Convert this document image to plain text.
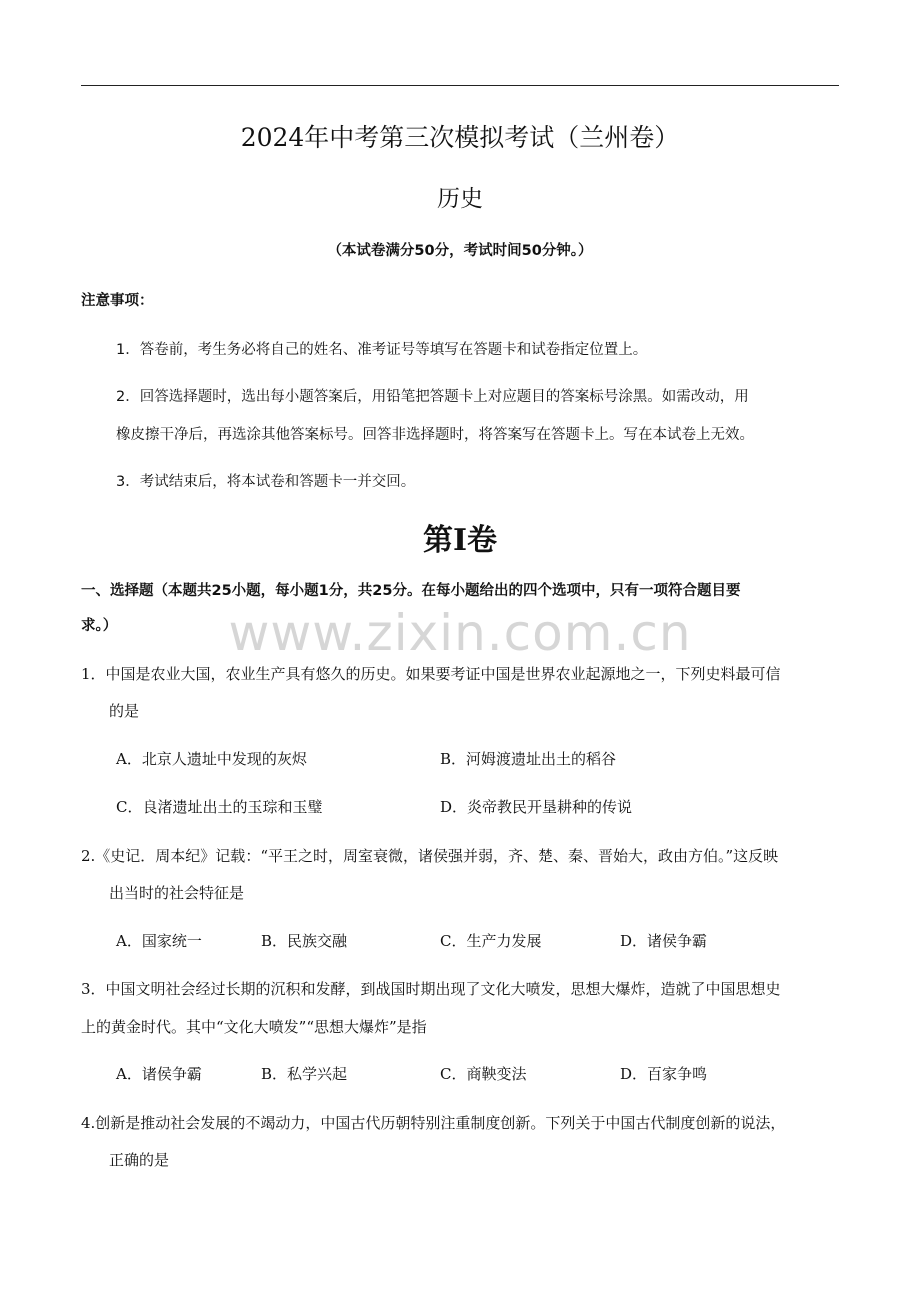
2024年中考第三次模拟考试（兰州卷）
历史
（本试卷满分50分，考试时间50分钟。）
注意事项：
1．答卷前，考生务必将自己的姓名、准考证号等填写在答题卡和试卷指定位置上。
2．回答选择题时，选出每小题答案后，用铅笔把答题卡上对应题目的答案标号涂黑。如需改动，用
橡皮擦干净后，再选涂其他答案标号。回答非选择题时，将答案写在答题卡上。写在本试卷上无效。
3．考试结束后，将本试卷和答题卡一并交回。
第I卷
一、选择题（本题共25小题，每小题1分，共25分。在每小题给出的四个选项中，只有一项符合题目要
求。）	www.zixin.com.cn
1．中国是农业大国，农业生产具有悠久的历史。如果要考证中国是世界农业起源地之一，下列史料最可信
的是
A．北京人遗址中发现的灰烬	B．河姆渡遗址出土的稻谷
C．良渚遗址出土的玉琮和玉璧	D．炎帝教民开垦耕种的传说
2.《史记．周本纪》记载：“平王之时，周室衰微，诸侯强并弱，齐、楚、秦、晋始大，政由方伯。”这反映
出当时的社会特征是
A．国家统一	B．民族交融	C．生产力发展	D．诸侯争霸
3．中国文明社会经过长期的沉积和发酵，到战国时期出现了文化大喷发，思想大爆炸，造就了中国思想史
上的黄金时代。其中“文化大喷发”“思想大爆炸”是指
A．诸侯争霸	B．私学兴起	C．商鞅变法	D．百家争鸣
4.创新是推动社会发展的不竭动力，中国古代历朝特别注重制度创新。下列关于中国古代制度创新的说法，
正确的是
